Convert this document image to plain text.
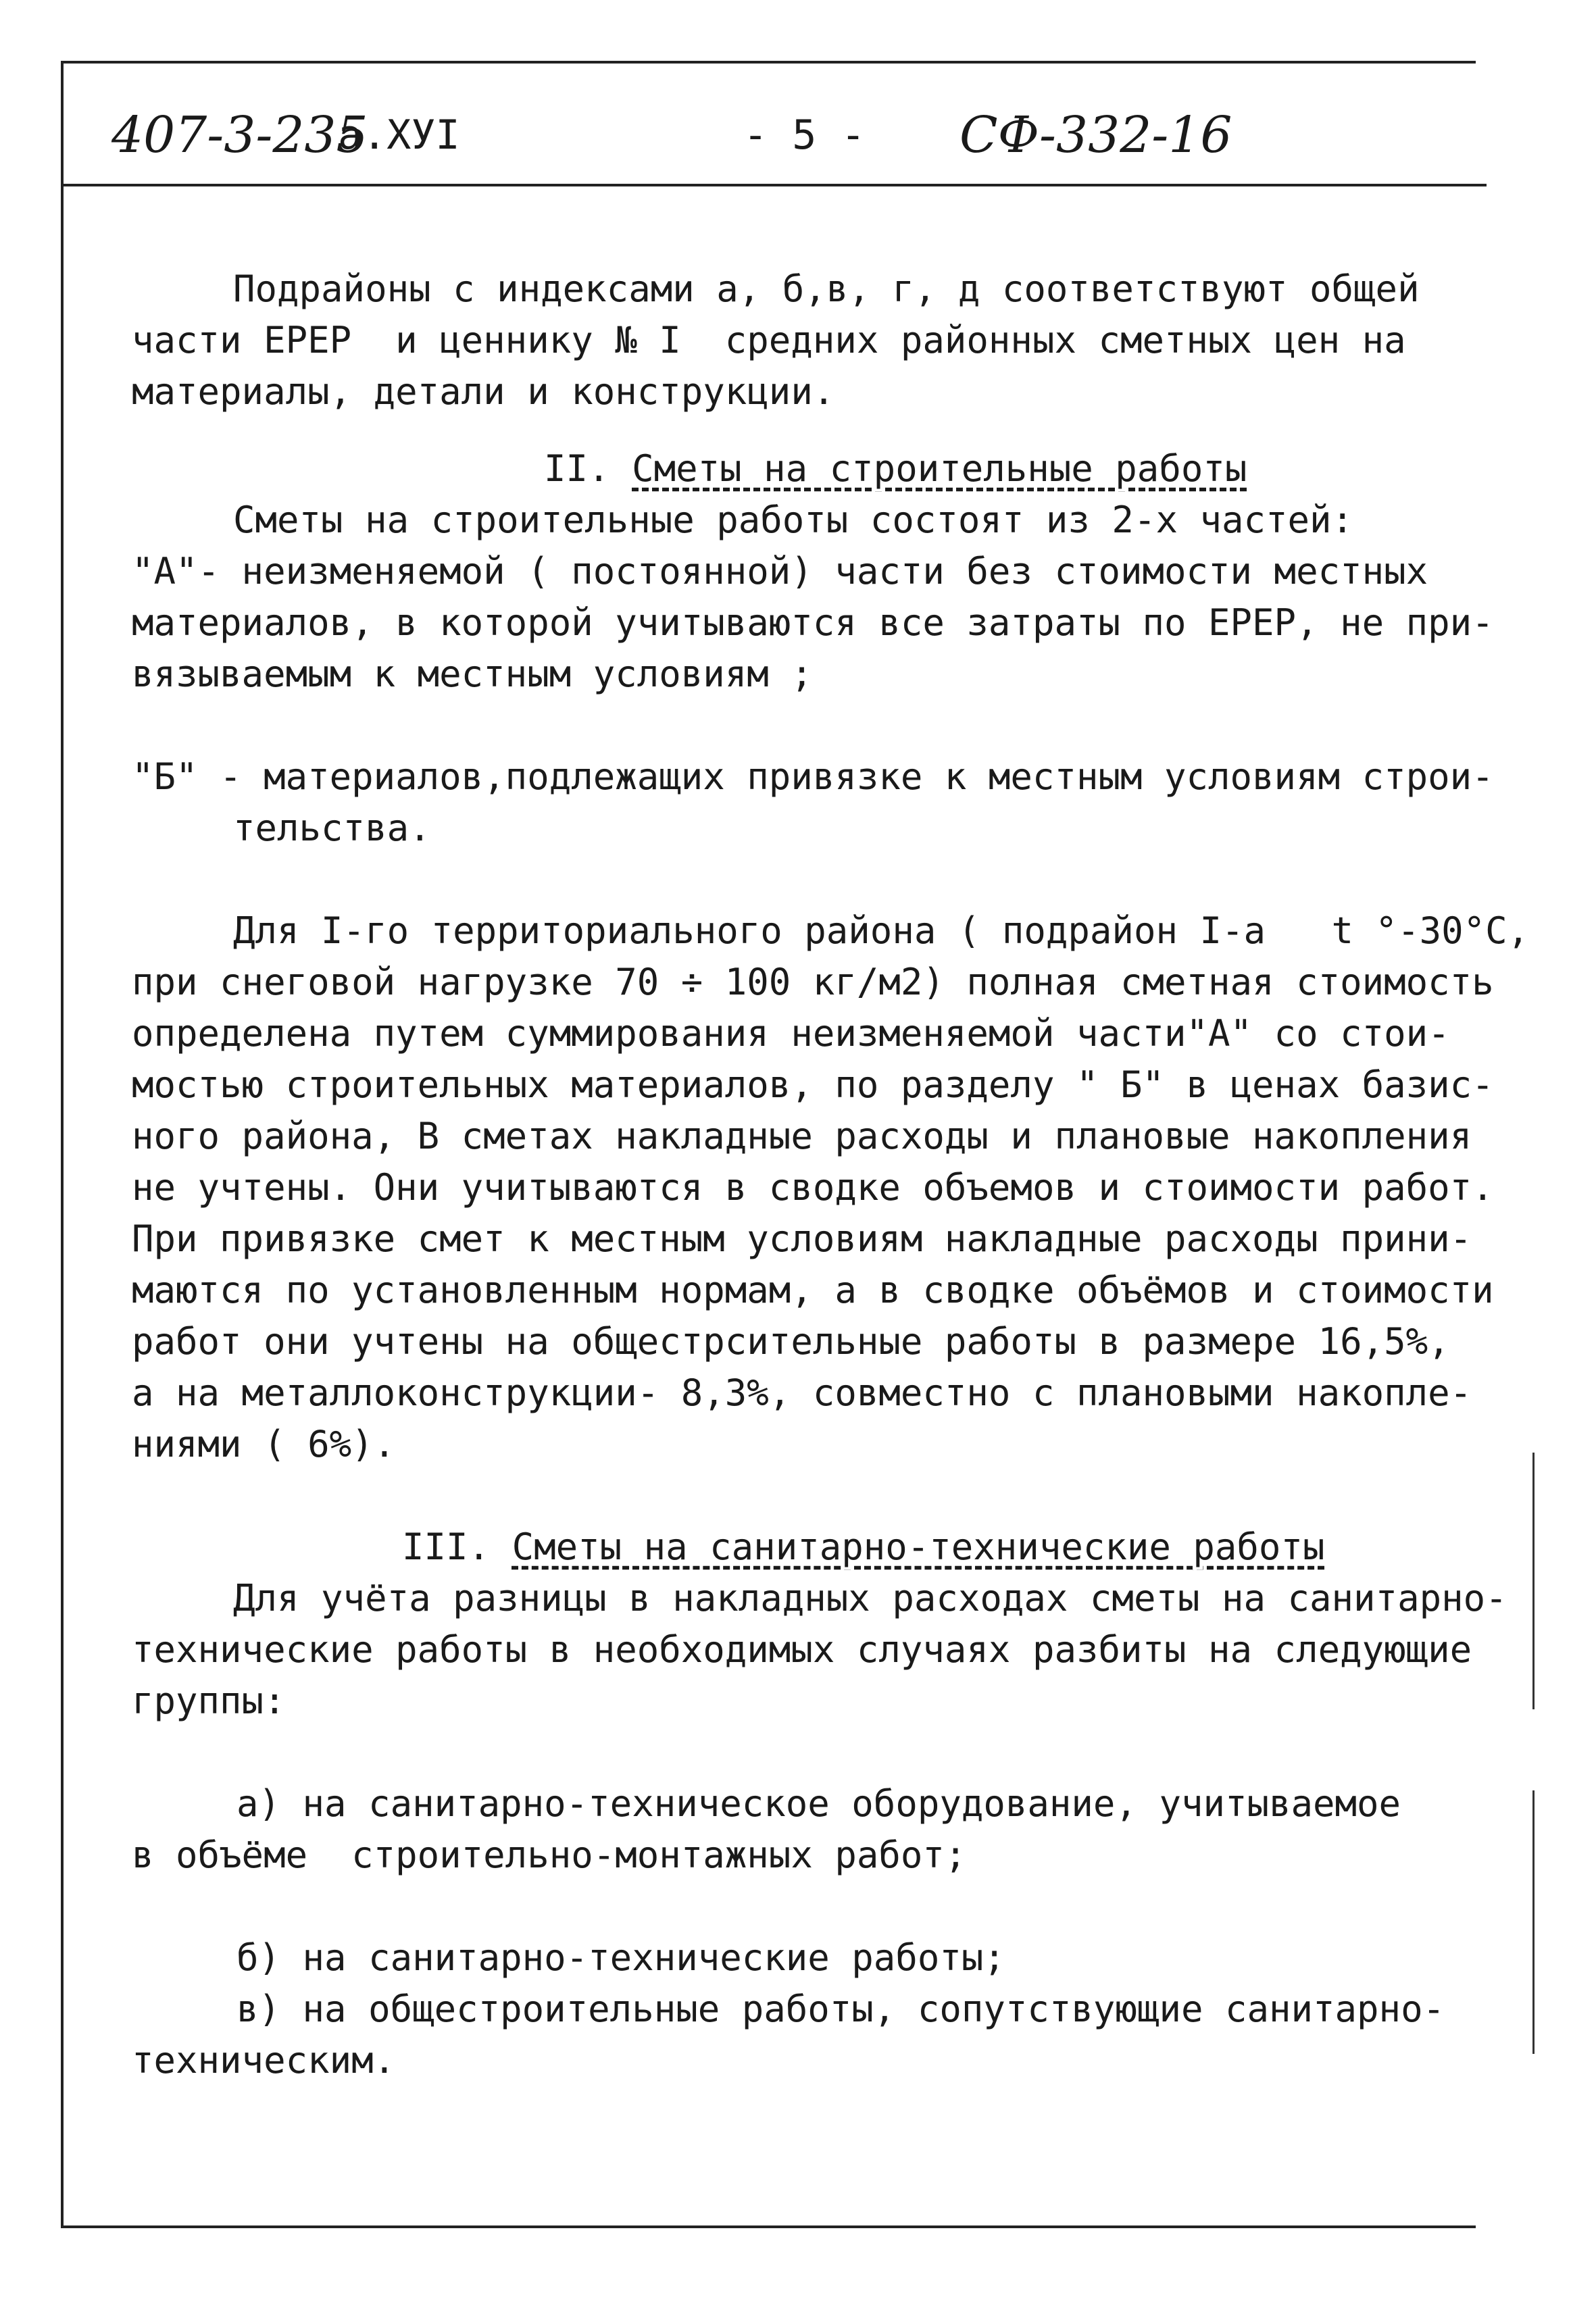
407-3-235
а.ХУI	- 5 - СФ-332-16

Подрайоны с индексами а, б,в, г, д соответствуют общей

части ЕРЕР  и ценнику № I  средних районных сметных цен на

материалы, детали и конструкции.

II. Сметы на строительные работы

Сметы на строительные работы состоят из 2-х частей:

"А"- неизменяемой ( постоянной) части без стоимости местных

материалов, в которой учитываются все затраты по ЕРЕР, не при-

вязываемым к местным условиям ;

"Б" - материалов,подлежащих привязке к местным условиям строи-

тельства.

Для I-го территориального района ( подрайон I-а   t °-30°С,

при снеговой нагрузке 70 ÷ 100 кг/м2) полная сметная стоимость

определена путем суммирования неизменяемой части"А" со стои-

мостью строительных материалов, по разделу " Б" в ценах базис-

ного района, В сметах накладные расходы и плановые накопления

не учтены. Они учитываются в сводке объемов и стоимости работ.

При привязке смет к местным условиям накладные расходы прини-

маются по установленным нормам, а в сводке объёмов и стоимости

работ они учтены на общестрсительные работы в размере 16,5%,

а на металлоконструкции- 8,3%, совместно с плановыми накопле-

ниями ( 6%).

III. Сметы на санитарно-технические работы

Для учёта разницы в накладных расходах сметы на санитарно-

технические работы в необходимых случаях разбиты на следующие

группы:

а) на санитарно-техническое оборудование, учитываемое

в объёме  строительно-монтажных работ;

б) на санитарно-технические работы;

в) на общестроительные работы, сопутствующие санитарно-

техническим.
